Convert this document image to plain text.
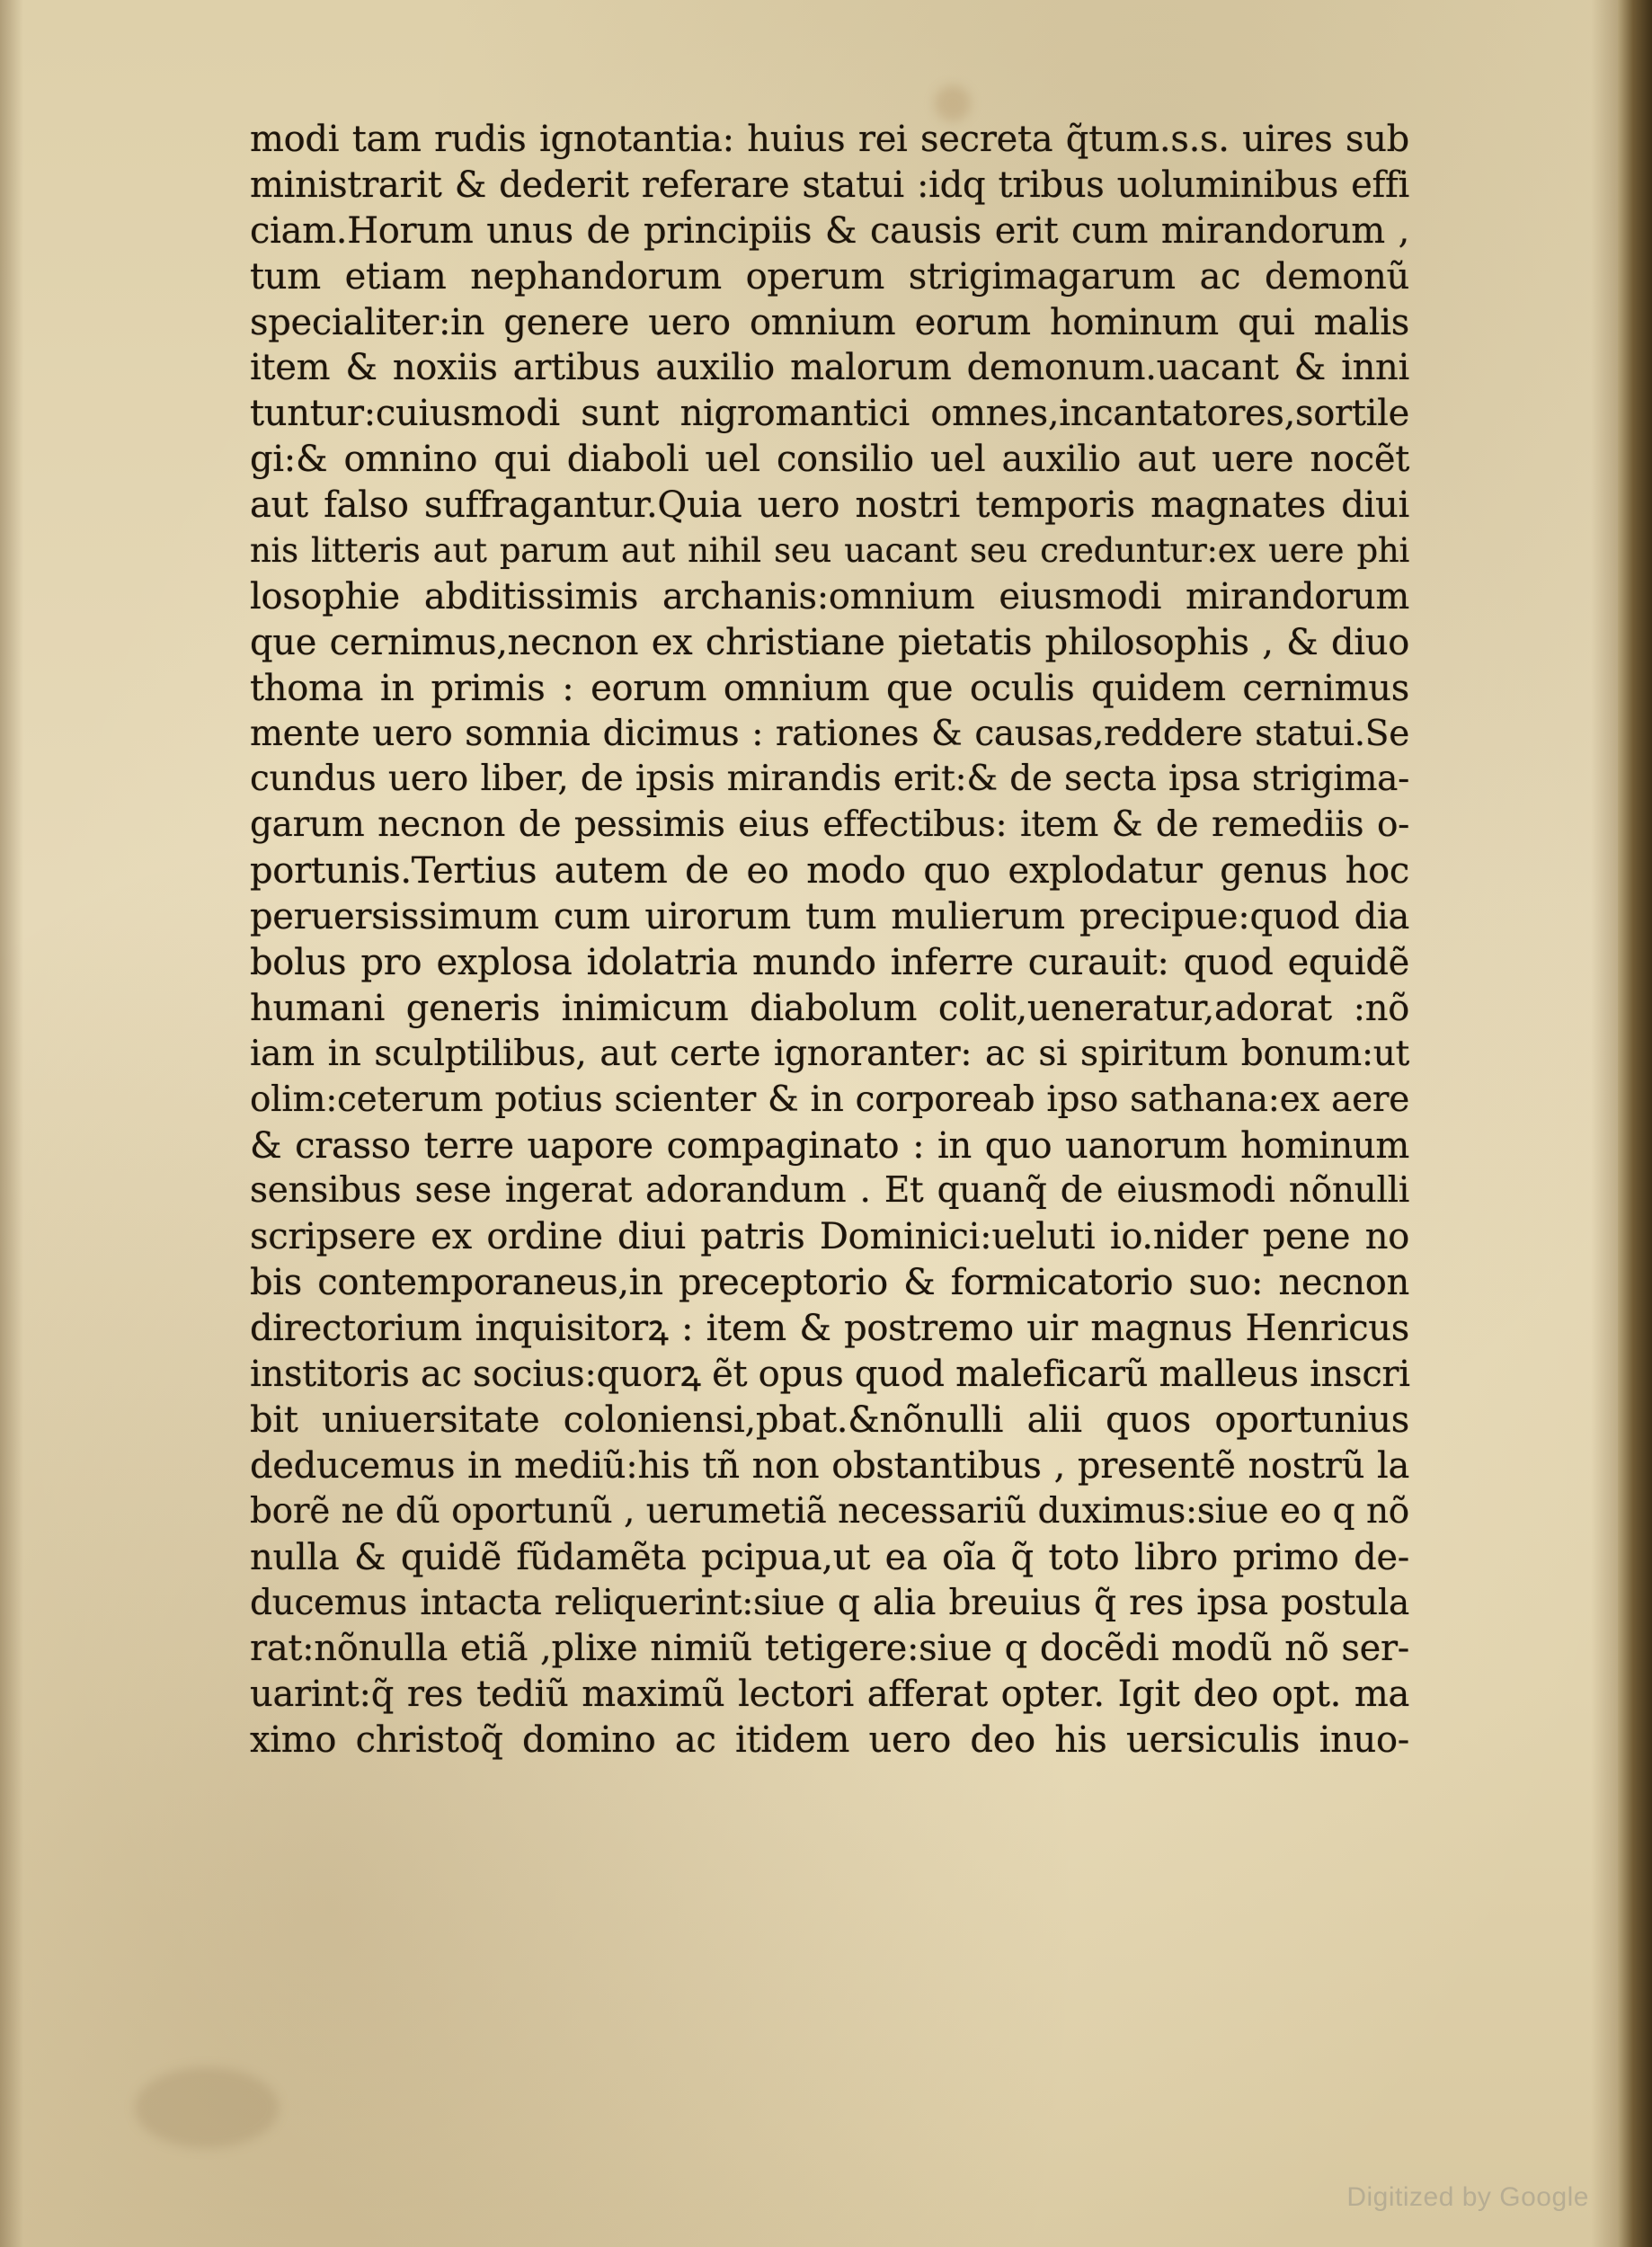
modi tam rudis ignotantia: huius rei secreta q̃tum.s.s. uires sub
ministrarit & dederit referare statui :idq tribus uoluminibus effi
ciam.Horum unus de principiis & causis erit cum mirandorum ,
tum etiam nephandorum operum strigimagarum ac demonũ
specialiter:in genere uero omnium eorum hominum qui malis
item & noxiis artibus auxilio malorum demonum.uacant & inni
tuntur:cuiusmodi sunt nigromantici omnes,incantatores,sortile
gi:& omnino qui diaboli uel consilio uel auxilio aut uere nocẽt
aut falso suffragantur.Quia uero nostri temporis magnates diui
nis litteris aut parum aut nihil seu uacant seu creduntur:ex uere phi
losophie abditissimis archanis:omnium eiusmodi mirandorum
que cernimus,necnon ex christiane pietatis philosophis , & diuo
thoma in primis : eorum omnium que oculis quidem cernimus
mente uero somnia dicimus : rationes & causas,reddere statui.Se
cundus uero liber, de ipsis mirandis erit:& de secta ipsa strigima-
garum necnon de pessimis eius effectibus: item & de remediis o-
portunis.Tertius autem de eo modo quo explodatur genus hoc
peruersissimum cum uirorum tum mulierum precipue:quod dia
bolus pro explosa idolatria mundo inferre curauit: quod equidẽ
humani generis inimicum diabolum colit,ueneratur,adorat :nõ
iam in sculptilibus, aut certe ignoranter: ac si spiritum bonum:ut
olim:ceterum potius scienter & in corporeab ipso sathana:ex aere
& crasso terre uapore compaginato : in quo uanorum hominum
sensibus sese ingerat adorandum . Et quanq̃ de eiusmodi nõnulli
scripsere ex ordine diui patris Dominici:ueluti io.nider pene no
bis contemporaneus,in preceptorio & formicatorio suo: necnon
directorium inquisitorꝝ : item & postremo uir magnus Henricus
institoris ac socius:quorꝝ ẽt opus quod maleficarũ malleus inscri
bit uniuersitate coloniensi,pbat.&nõnulli alii quos oportunius
deducemus in mediũ:his tñ non obstantibus , presentẽ nostrũ la
borẽ ne dũ oportunũ , uerumetiã necessariũ duximus:siue eo q nõ
nulla & quidẽ fũdamẽta pcipua,ut ea oĩa q̃ toto libro primo de-
ducemus intacta reliquerint:siue q alia breuius q̃ res ipsa postula
rat:nõnulla etiã ,plixe nimiũ tetigere:siue q docẽdi modũ nõ ser-
uarint:q̃ res tediũ maximũ lectori afferat opter. Igit deo opt. ma
ximo christoq̃ domino ac itidem uero deo his uersiculis inuo-
Digitized by Google
